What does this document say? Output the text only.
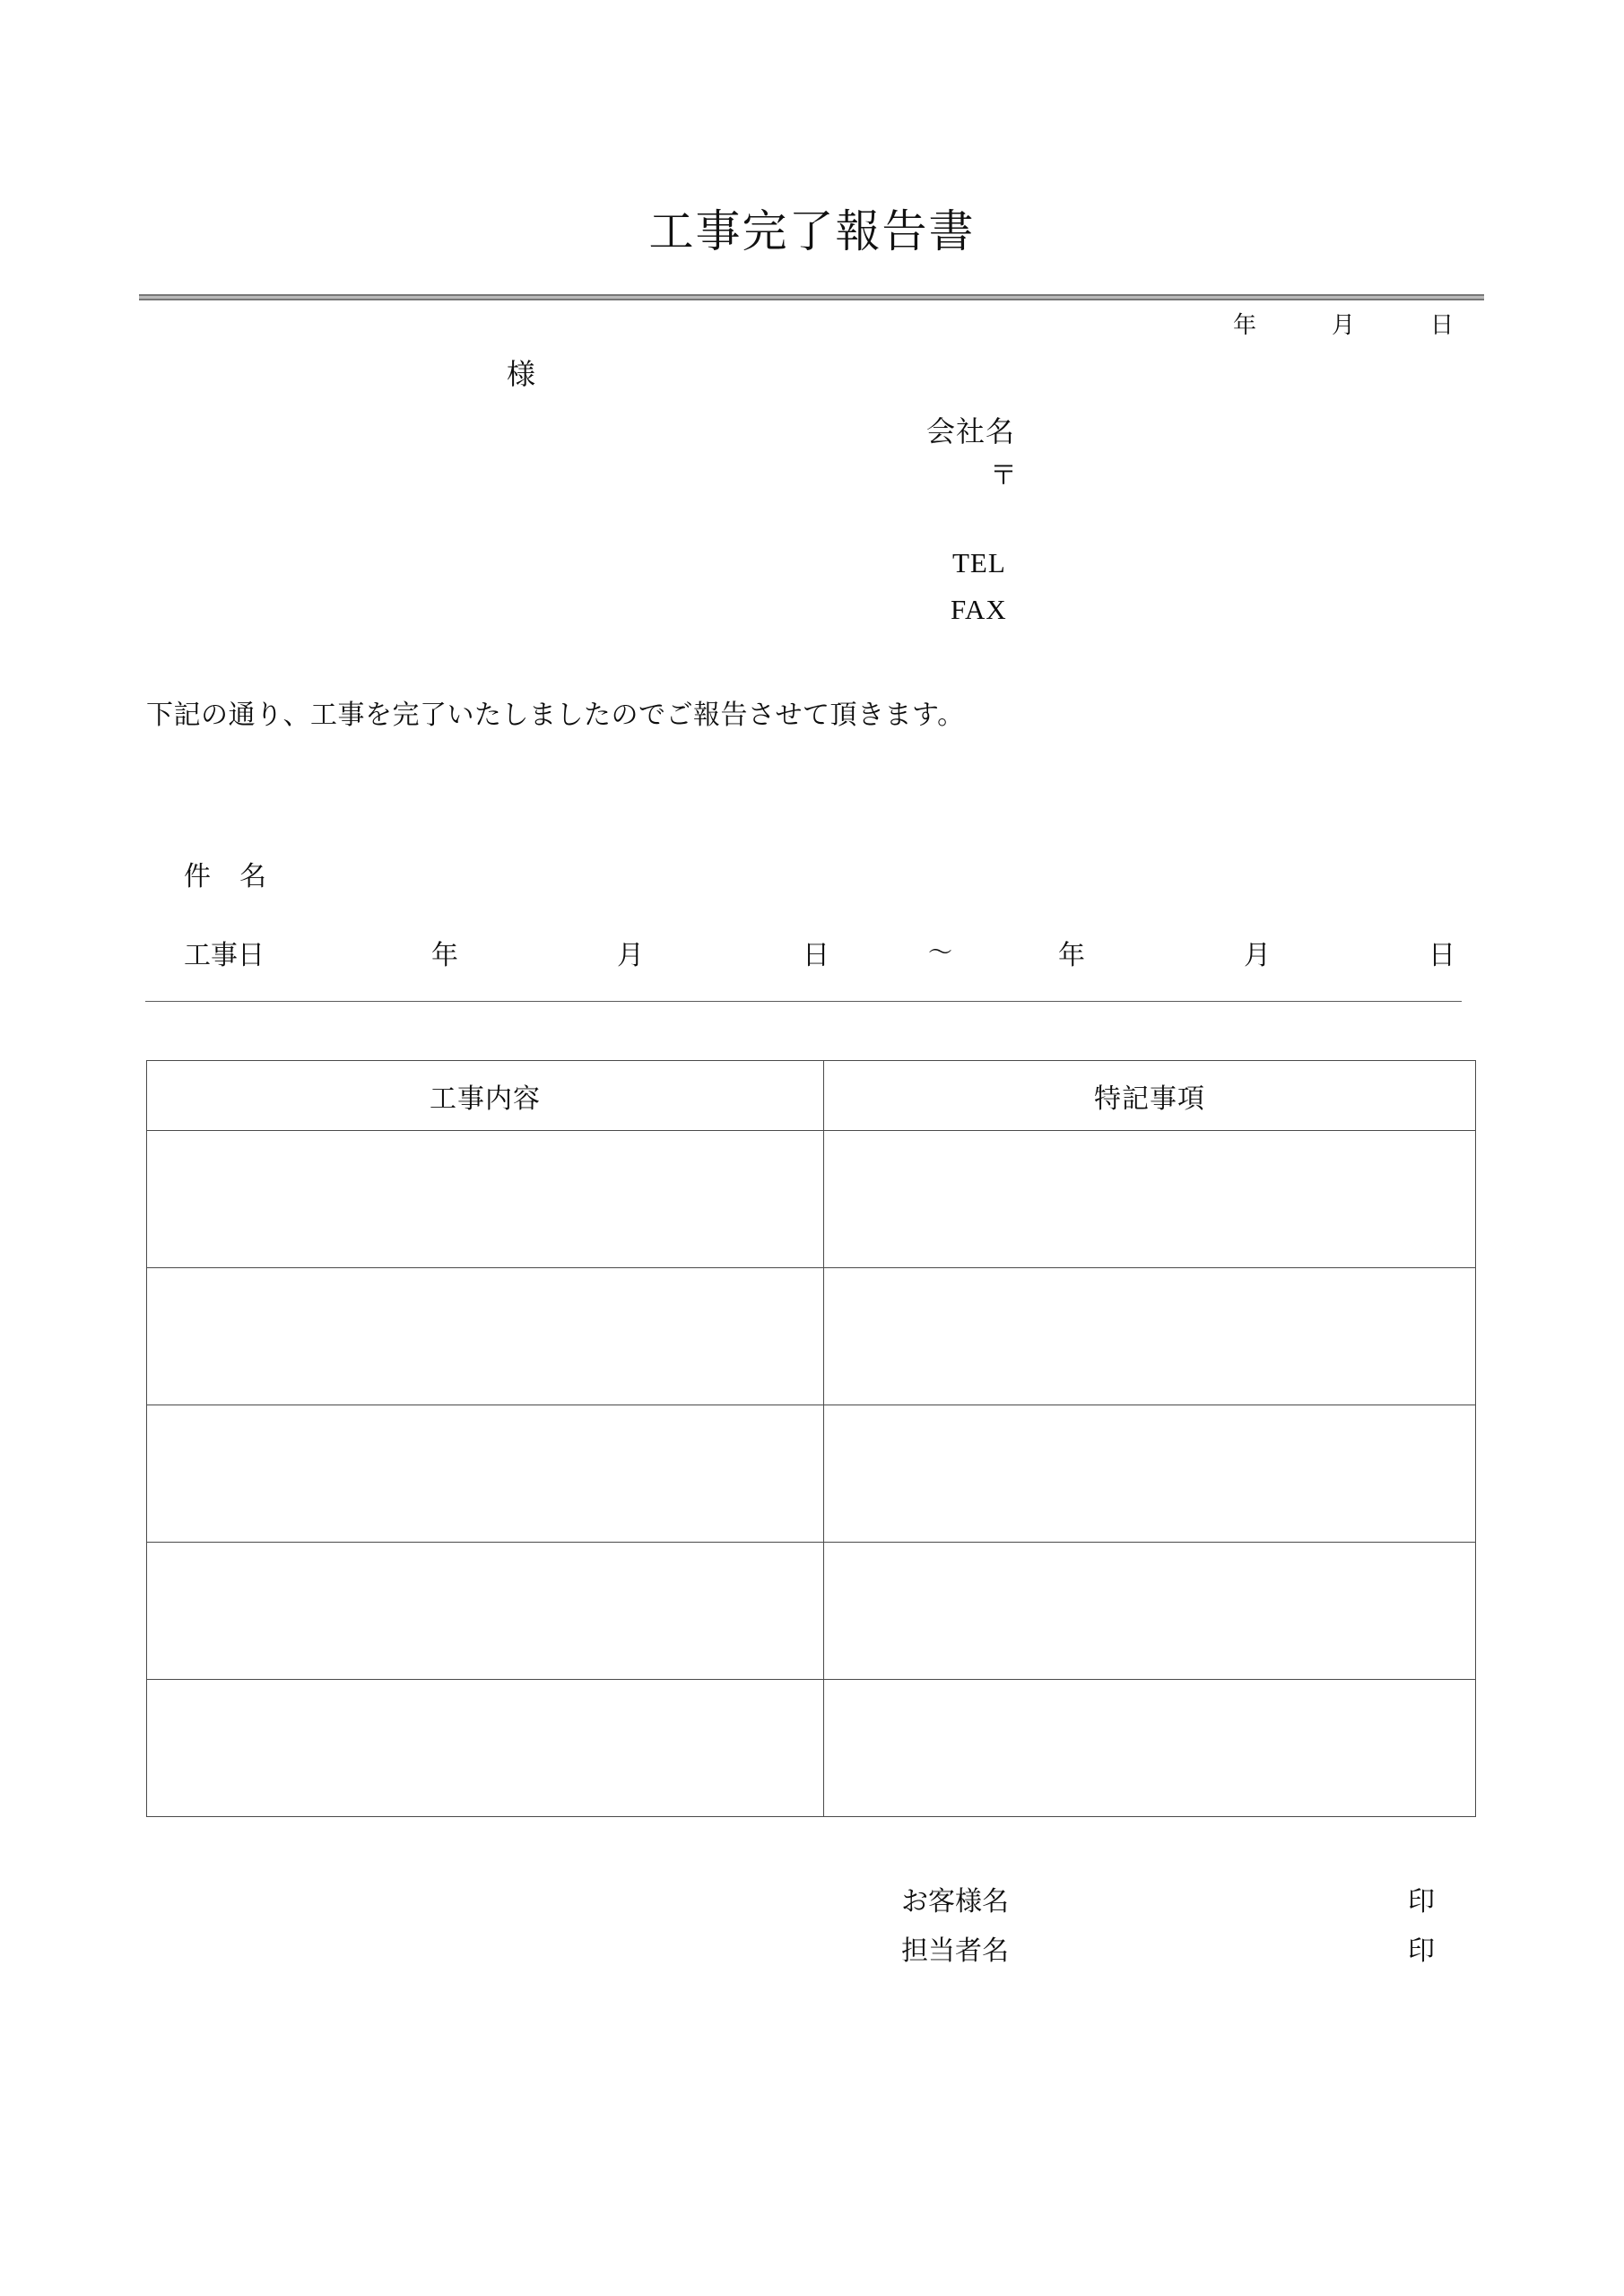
工事完了報告書
年	月	日
様
会社名
〒
TEL
FAX
下記の通り、工事を完了いたしましたのでご報告させて頂きます。
件　名
工事日	年	月	日	～	年	月	日
工事内容	特記事項

お客様名	印
担当者名	印
